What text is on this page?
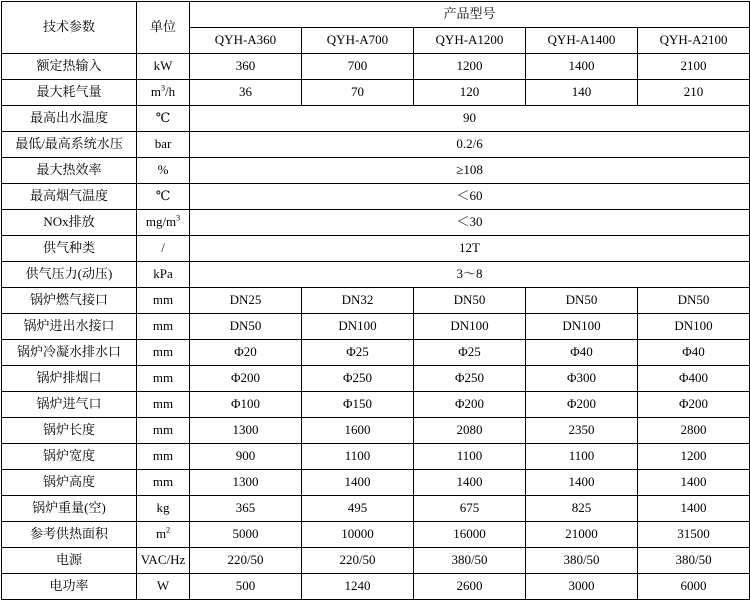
技术参数	单位	产品型号				
		QYH-A360	QYH-A700	QYH-A1200	QYH-A1400	QYH-A2100
额定热输入	kW	360	700	1200	1400	2100
最大耗气量	$m^3/h$	36	70	120	140	210
最高出水温度	℃	90				
最低/最高系统水压	bar	0.2/6				
最大热效率	%	≥108				
最高烟气温度	℃	＜60				
NOx排放	$mg/m^3$	＜30				
供气种类	/	12T				
供气压力(动压)	kPa	3～8				
锅炉燃气接口	mm	DN25	DN32	DN50	DN50	DN50
锅炉进出水接口	mm	DN50	DN100	DN100	DN100	DN100
锅炉冷凝水排水口	mm	Φ20	Φ25	Φ25	Φ40	Φ40
锅炉排烟口	mm	Φ200	Φ250	Φ250	Φ300	Φ400
锅炉进气口	mm	Φ100	Φ150	Φ200	Φ200	Φ200
锅炉长度	mm	1300	1600	2080	2350	2800
锅炉宽度	mm	900	1100	1100	1100	1200
锅炉高度	mm	1300	1400	1400	1400	1400
锅炉重量(空)	kg	365	495	675	825	1400
参考供热面积	$m^2$	5000	10000	16000	21000	31500
电源	VAC/Hz	220/50	220/50	380/50	380/50	380/50
电功率	W	500	1240	2600	3000	6000
